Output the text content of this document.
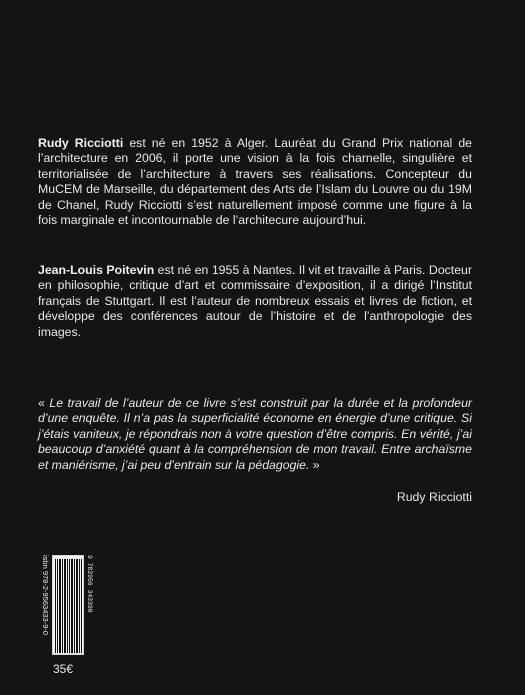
Rudy Ricciotti est né en 1952 à Alger. Lauréat du Grand Prix national de l’architecture en 2006, il porte une vision à la fois charnelle, singulière et territorialisée de l’architecture à travers ses réalisations. Concepteur du MuCEM de Marseille, du département des Arts de l’Islam du Louvre ou du 19M de Chanel, Rudy Ricciotti s’est naturellement imposé comme une figure à la fois marginale et incontournable de l’architecure aujourd’hui.

Jean-Louis Poitevin est né en 1955 à Nantes. Il vit et travaille à Paris. Docteur en philosophie, critique d’art et commissaire d’exposition, il a dirigé l’Institut français de Stuttgart. Il est l’auteur de nombreux essais et livres de fiction, et développe des conférences autour de l’histoire et de l’anthropologie des images.

« Le travail de l’auteur de ce livre s’est construit par la durée et la profondeur d’une enquête. Il n’a pas la superficialité économe en énergie d’une critique. Si j’étais vaniteux, je répondrais non à votre question d’être compris. En vérité, j’ai beaucoup d’anxiété quant à la compréhension de mon travail. Entre archaïsme et maniérisme, j’ai peu d’entrain sur la pédagogie. »

Rudy Ricciotti
isbn 978-2-9563433-9-0	9 782956 343390
35€
